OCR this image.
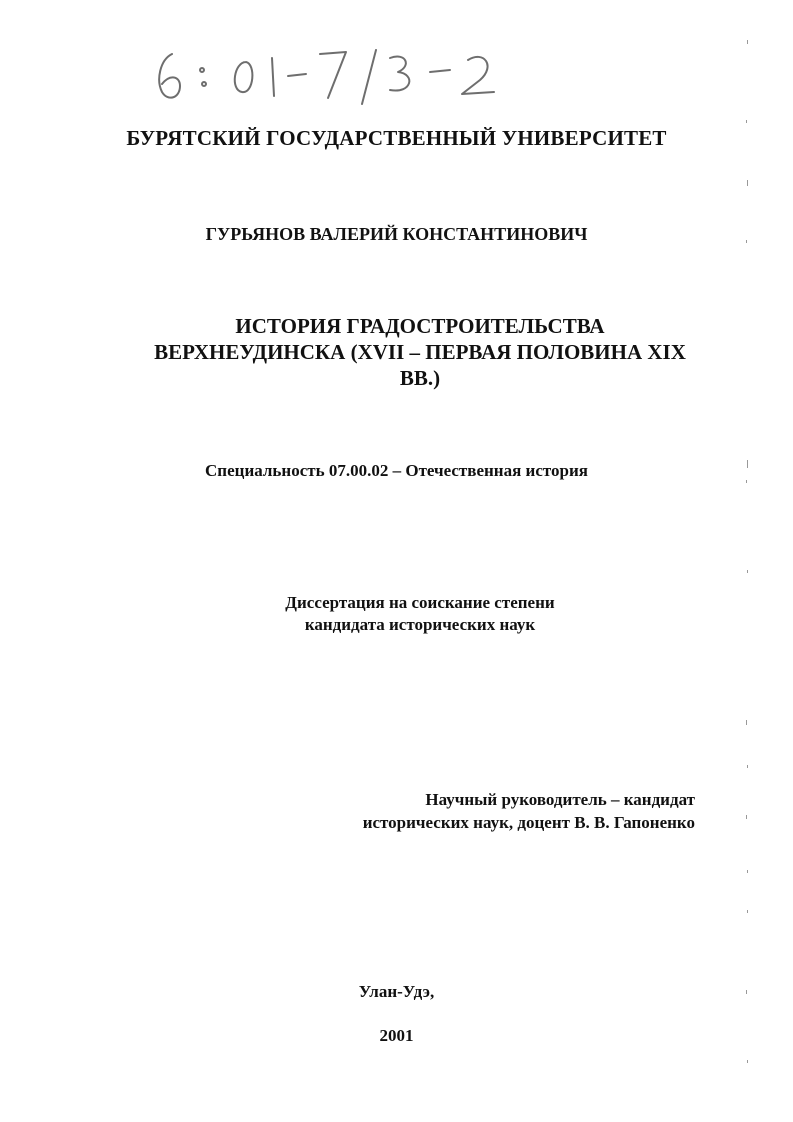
БУРЯТСКИЙ ГОСУДАРСТВЕННЫЙ УНИВЕРСИТЕТ
ГУРЬЯНОВ ВАЛЕРИЙ КОНСТАНТИНОВИЧ
ИСТОРИЯ ГРАДОСТРОИТЕЛЬСТВА
ВЕРХНЕУДИНСКА (XVII – ПЕРВАЯ ПОЛОВИНА XIX
ВВ.)
Специальность 07.00.02 – Отечественная история
Диссертация на соискание степени
кандидата исторических наук
Научный руководитель – кандидат
исторических наук, доцент В. В. Гапоненко
Улан-Удэ,
2001
